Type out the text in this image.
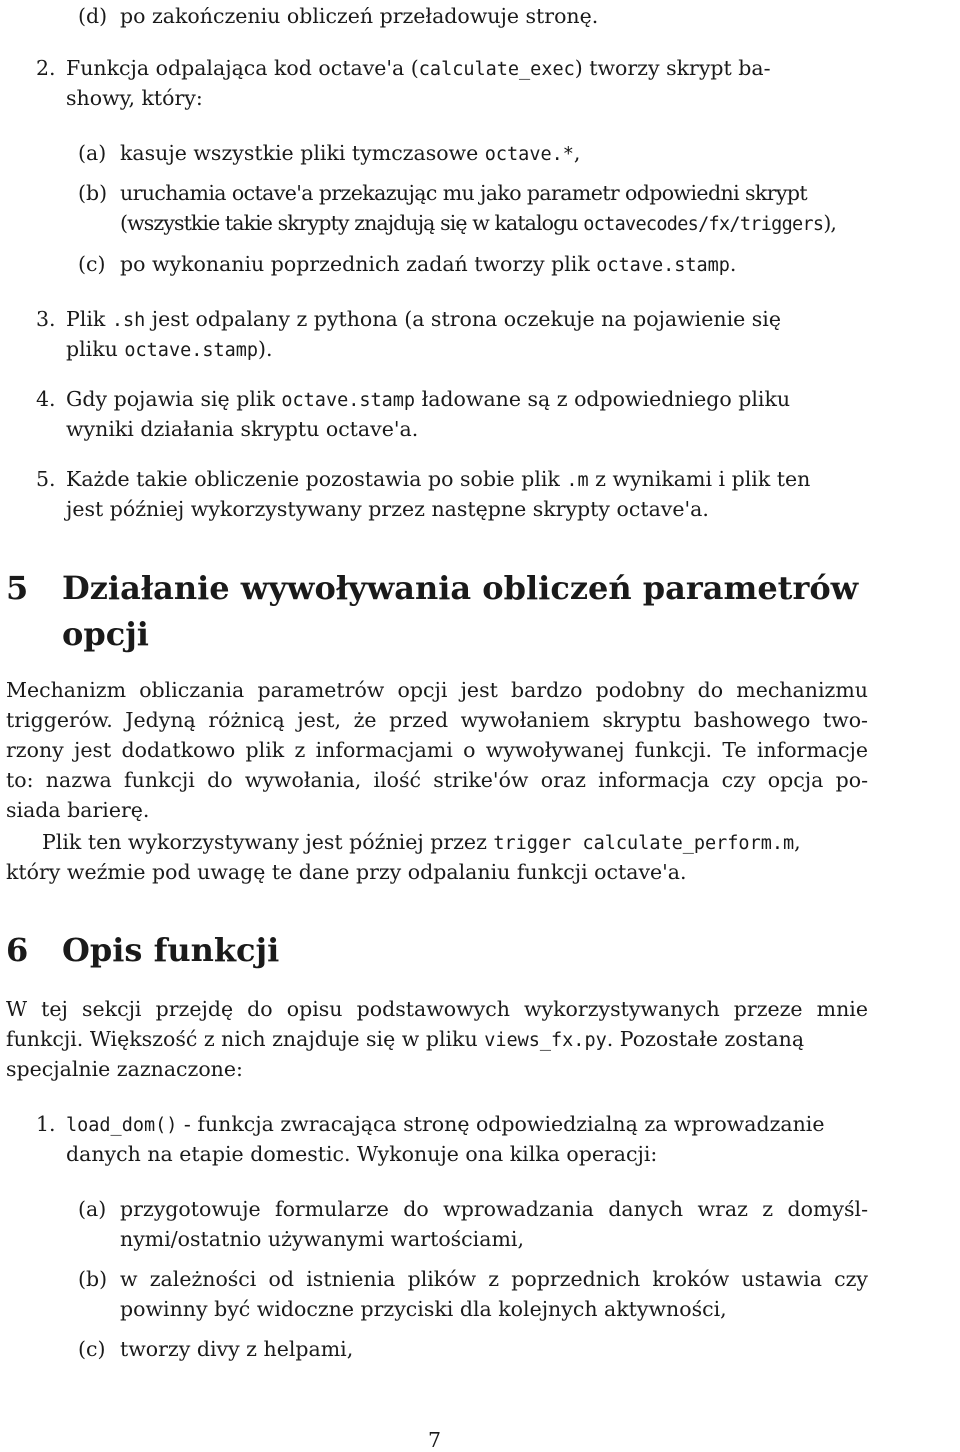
(d) po zakończeniu obliczeń przeładowuje stronę.
2. Funkcja odpalająca kod octave'a (calculate_exec) tworzy skrypt ba-
showy, który:
(a) kasuje wszystkie pliki tymczasowe octave.*,
(b) uruchamia octave'a przekazując mu jako parametr odpowiedni skrypt
(wszystkie takie skrypty znajdują się w katalogu octavecodes/fx/triggers),
(c) po wykonaniu poprzednich zadań tworzy plik octave.stamp.
3. Plik .sh jest odpalany z pythona (a strona oczekuje na pojawienie się
pliku octave.stamp).
4. Gdy pojawia się plik octave.stamp ładowane są z odpowiedniego pliku
wyniki działania skryptu octave'a.
5. Każde takie obliczenie pozostawia po sobie plik .m z wynikami i plik ten
jest później wykorzystywany przez następne skrypty octave'a.
5 Działanie wywoływania obliczeń parametrów
opcji
Mechanizm obliczania parametrów opcji jest bardzo podobny do mechanizmu
triggerów. Jedyną różnicą jest, że przed wywołaniem skryptu bashowego two-
rzony jest dodatkowo plik z informacjami o wywoływanej funkcji. Te informacje
to: nazwa funkcji do wywołania, ilość strike'ów oraz informacja czy opcja po-
siada barierę.
Plik ten wykorzystywany jest później przez trigger calculate_perform.m,
który weźmie pod uwagę te dane przy odpalaniu funkcji octave'a.
6 Opis funkcji
W tej sekcji przejdę do opisu podstawowych wykorzystywanych przeze mnie
funkcji. Większość z nich znajduje się w pliku views_fx.py. Pozostałe zostaną
specjalnie zaznaczone:
1. load_dom() - funkcja zwracająca stronę odpowiedzialną za wprowadzanie
danych na etapie domestic. Wykonuje ona kilka operacji:
(a) przygotowuje formularze do wprowadzania danych wraz z domyśl-
nymi/ostatnio używanymi wartościami,
(b) w zależności od istnienia plików z poprzednich kroków ustawia czy
powinny być widoczne przyciski dla kolejnych aktywności,
(c) tworzy divy z helpami,
7
